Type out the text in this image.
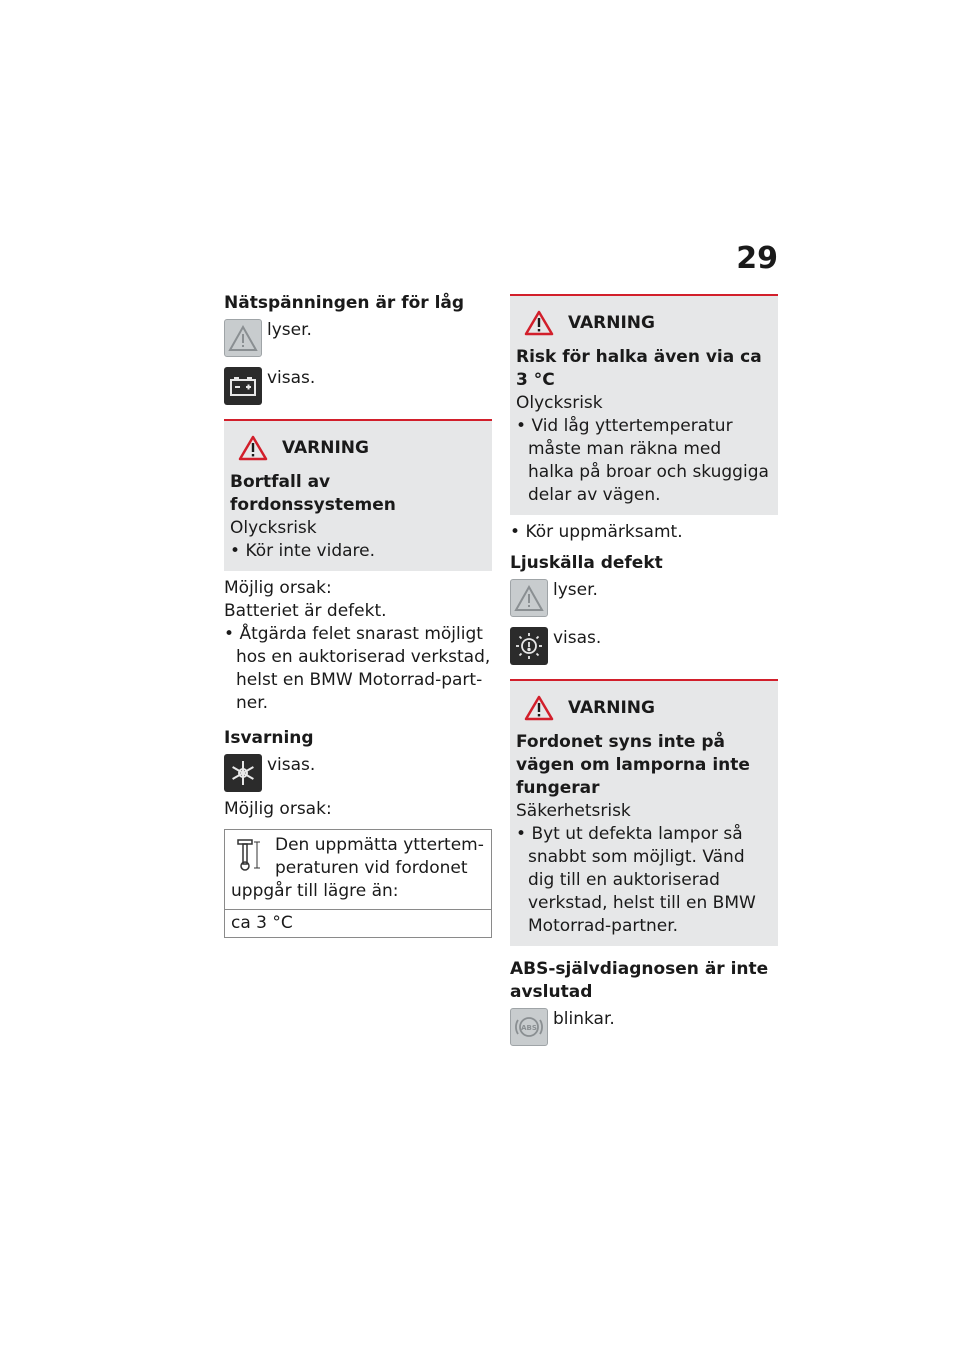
29
Nätspänningen är för låg
lyser.
visas.
VARNING
Bortfall av fordonssystemen
Olycksrisk
• Kör inte vidare.
Möjlig orsak:
Batteriet är defekt.
• Åtgärda felet snarast möjligt hos en auktoriserad verkstad, helst en BMW Motorrad-part-ner.
Isvarning
visas.
Möjlig orsak:
Den uppmätta yttertem-
peraturen vid fordonet
uppgår till lägre än:
ca 3 °C
VARNING
Risk för halka även via ca 3 °C
Olycksrisk
• Vid låg yttertemperatur måste man räkna med halka på broar och skuggiga delar av vägen.
• Kör uppmärksamt.
Ljuskälla defekt
lyser.
visas.
VARNING
Fordonet syns inte på vägen om lamporna inte fungerar
Säkerhetsrisk
• Byt ut defekta lampor så snabbt som möjligt. Vänd dig till en auktoriserad verkstad, helst till en BMW Motorrad-partner.
ABS-självdiagnosen är inte avslutad
ABS blinkar.
